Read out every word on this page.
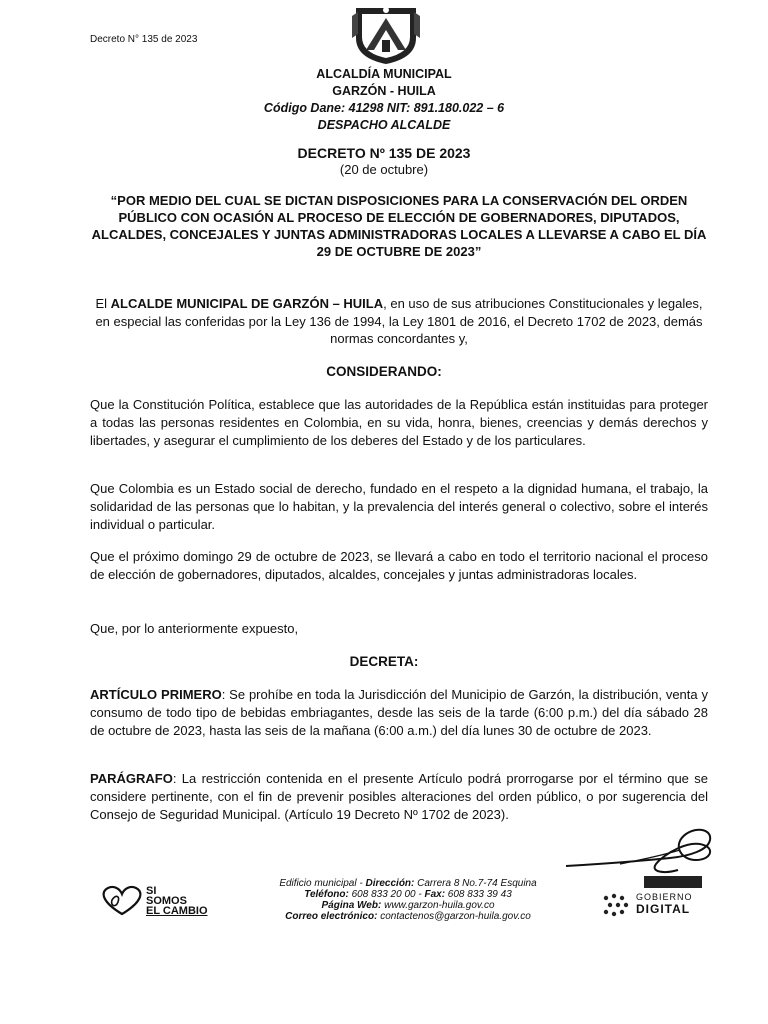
Decreto N° 135 de 2023
ALCALDÍA MUNICIPAL
GARZÓN - HUILA
Código Dane: 41298 NIT: 891.180.022 – 6
DESPACHO ALCALDE
DECRETO Nº 135 DE 2023
(20 de octubre)
“POR MEDIO DEL CUAL SE DICTAN DISPOSICIONES PARA LA CONSERVACIÓN DEL ORDEN PÚBLICO CON OCASIÓN AL PROCESO DE ELECCIÓN DE GOBERNADORES, DIPUTADOS, ALCALDES, CONCEJALES Y JUNTAS ADMINISTRADORAS LOCALES A LLEVARSE A CABO EL DÍA 29 DE OCTUBRE DE 2023”
El ALCALDE MUNICIPAL DE GARZÓN – HUILA, en uso de sus atribuciones Constitucionales y legales, en especial las conferidas por la Ley 136 de 1994, la Ley 1801 de 2016, el Decreto 1702 de 2023, demás normas concordantes y,
CONSIDERANDO:
Que la Constitución Política, establece que las autoridades de la República están instituidas para proteger a todas las personas residentes en Colombia, en su vida, honra, bienes, creencias y demás derechos y libertades, y asegurar el cumplimiento de los deberes del Estado y de los particulares.
Que Colombia es un Estado social de derecho, fundado en el respeto a la dignidad humana, el trabajo, la solidaridad de las personas que lo habitan, y la prevalencia del interés general o colectivo, sobre el interés individual o particular.
Que el próximo domingo 29 de octubre de 2023, se llevará a cabo en todo el territorio nacional el proceso de elección de gobernadores, diputados, alcaldes, concejales y juntas administradoras locales.
Que, por lo anteriormente expuesto,
DECRETA:
ARTÍCULO PRIMERO: Se prohíbe en toda la Jurisdicción del Municipio de Garzón, la distribución, venta y consumo de todo tipo de bebidas embriagantes, desde las seis de la tarde (6:00 p.m.) del día sábado 28 de octubre de 2023, hasta las seis de la mañana (6:00 a.m.) del día lunes 30 de octubre de 2023.
PARÁGRAFO: La restricción contenida en el presente Artículo podrá prorrogarse por el término que se considere pertinente, con el fin de prevenir posibles alteraciones del orden público, o por sugerencia del Consejo de Seguridad Municipal. (Artículo 19 Decreto Nº 1702 de 2023).
SI
SOMOS
EL CAMBIO
Edificio municipal - Dirección: Carrera 8 No.7-74 Esquina
Teléfono: 608 833 20 00 - Fax: 608 833 39 43
Página Web: www.garzon-huila.gov.co
Correo electrónico: contactenos@garzon-huila.gov.co
GOBIERNO
DIGITAL
